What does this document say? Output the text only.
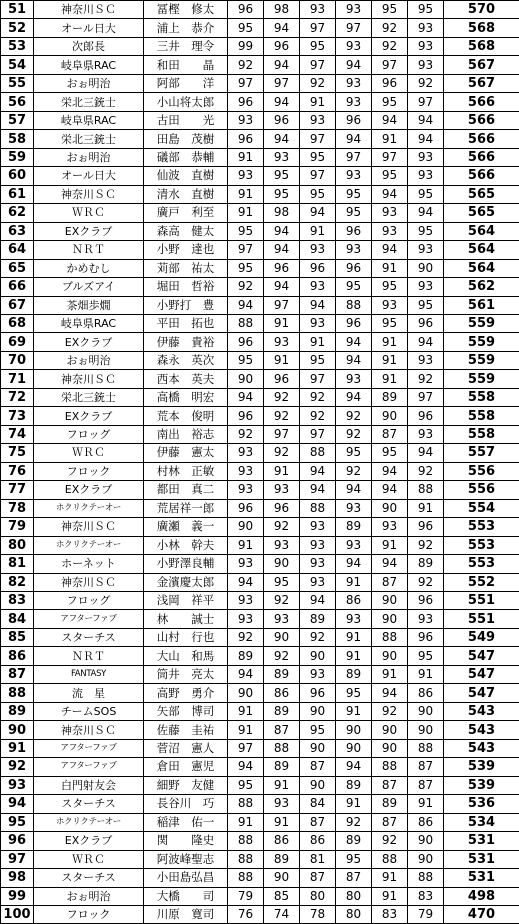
51	神奈川ＳＣ	冨樫　修太	96	98	93	93	95	95	570
52	オール日大	浦上　恭介	95	94	97	97	92	93	568
53	次郎長	三井　理令	99	96	95	93	92	93	568
54	岐阜県RAC	和田　　晶	92	94	97	94	97	93	567
55	おぉ明治	阿部　　洋	97	97	92	93	96	92	567
56	栄北三銃士	小山将太郎	96	94	91	93	95	97	566
57	岐阜県RAC	古田　　光	93	96	93	96	94	94	566
58	栄北三銃士	田島　茂樹	96	94	97	94	91	94	566
59	おぉ明治	礒部　恭輔	91	93	95	97	97	93	566
60	オール日大	仙波　直樹	93	95	97	93	95	93	566
61	神奈川ＳＣ	清水　直樹	91	95	95	95	94	95	565
62	ＷＲＣ	廣戸　利至	91	98	94	95	93	94	565
63	EXクラブ	森高　健太	95	94	91	96	93	95	564
64	ＮＲＴ	小野　達也	97	94	93	93	94	93	564
65	かめむし	苅部　祐太	95	96	96	96	91	90	564
66	ブルズアイ	堀田　哲裕	92	94	93	95	95	93	562
67	茶畑歩燗	小野打　豊	94	97	94	88	93	95	561
68	岐阜県RAC	平田　拓也	88	91	93	96	95	96	559
69	EXクラブ	伊藤　貴裕	96	93	91	94	91	94	559
70	おぉ明治	森永　英次	95	91	95	94	91	93	559
71	神奈川ＳＣ	西本　英夫	90	96	97	93	91	92	559
72	栄北三銃士	高橋　明宏	94	92	92	94	89	97	558
73	EXクラブ	荒本　俊明	96	92	92	92	90	96	558
74	フロッグ	南出　裕志	92	97	97	92	87	93	558
75	ＷＲＣ	伊藤　憲太	93	92	88	95	95	94	557
76	フロック	村林　正敏	93	91	94	92	94	92	556
77	EXクラブ	都田　真二	93	93	94	94	94	88	556
78	ホクリクテーオー	荒居祥一郎	96	96	88	93	90	91	554
79	神奈川ＳＣ	廣瀬　義一	90	92	93	89	93	96	553
80	ホクリクテーオー	小林　幹夫	91	93	93	93	91	92	553
81	ホーネット	小野澤良輔	93	90	93	94	94	89	553
82	神奈川ＳＣ	金濱慶太郎	94	95	93	91	87	92	552
83	フロッグ	浅岡　祥平	93	92	94	86	90	96	551
84	アフターファブ	林　　誠士	93	93	89	93	90	93	551
85	スターチス	山村　行也	92	90	92	91	88	96	549
86	ＮＲＴ	大山　和馬	89	92	90	91	90	95	547
87	FANTASY	筒井　亮太	94	89	93	89	91	91	547
88	流　星	高野　勇介	90	86	96	95	94	86	547
89	チームSOS	矢部　博司	91	89	90	91	92	90	543
90	神奈川ＳＣ	佐藤　圭祐	91	87	95	90	90	90	543
91	アフターファブ	菅沼　憲人	97	88	90	90	90	88	543
92	アフターファブ	倉田　憲児	94	89	87	94	88	87	539
93	白門射友会	細野　友健	95	91	90	89	87	87	539
94	スターチス	長谷川　巧	88	93	84	91	89	91	536
95	ホクリクテーオー	稲津　佑一	91	91	87	92	87	86	534
96	EXクラブ	関　　隆史	88	86	86	89	92	90	531
97	ＷＲＣ	阿波峰聖志	88	89	81	95	88	90	531
98	スターチス	小田島弘昌	88	90	87	87	91	88	531
99	おぉ明治	大橋　　司	79	85	80	80	91	83	498
100	フロック	川原　寛司	76	74	78	80	83	79	470
